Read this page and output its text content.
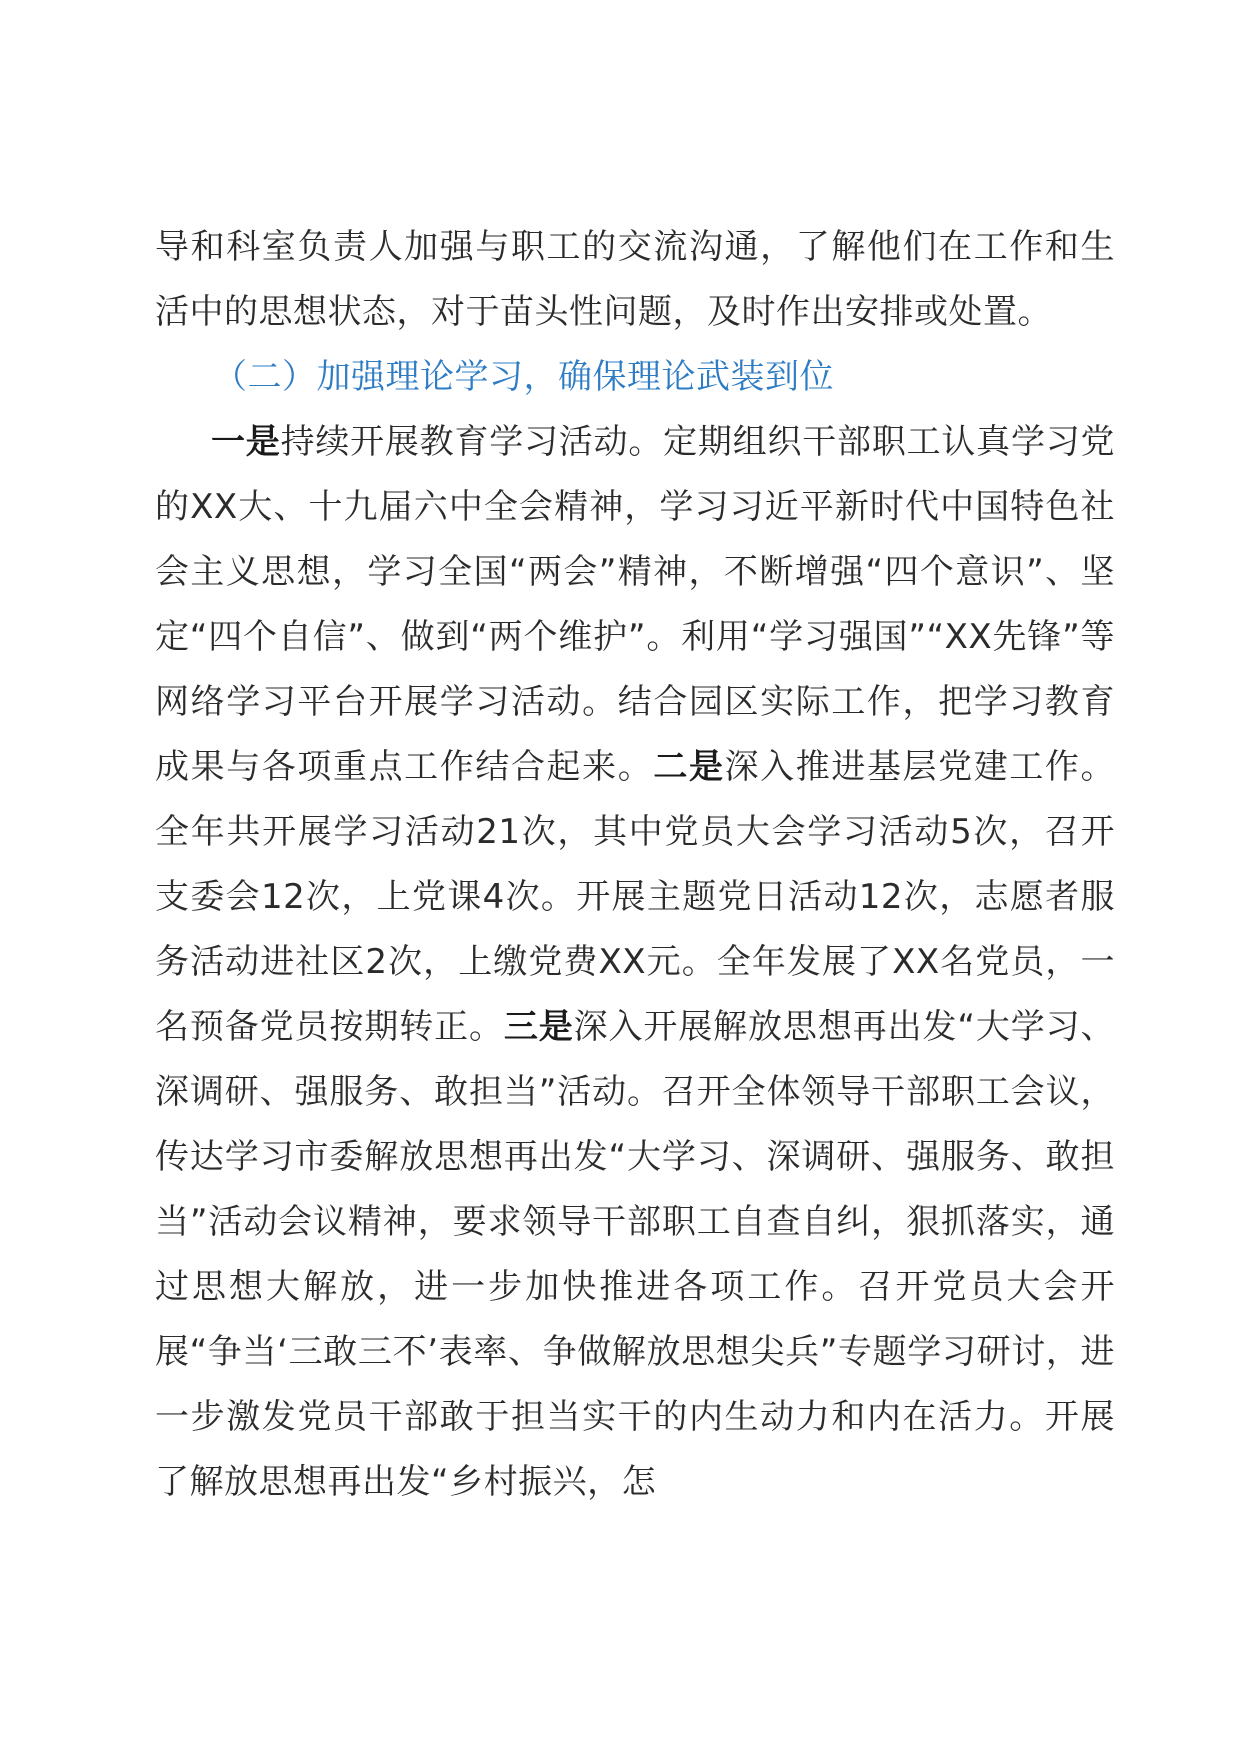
导和科室负责人加强与职工的交流沟通，了解他们在工作和生活中的思想状态，对于苗头性问题，及时作出安排或处置。

（二）加强理论学习，确保理论武装到位

一是持续开展教育学习活动。定期组织干部职工认真学习党的XX大、十九届六中全会精神，学习习近平新时代中国特色社会主义思想，学习全国“两会”精神，不断增强“四个意识”、坚定“四个自信”、做到“两个维护”。利用“学习强国”“XX先锋”等网络学习平台开展学习活动。结合园区实际工作，把学习教育成果与各项重点工作结合起来。二是深入推进基层党建工作。全年共开展学习活动21次，其中党员大会学习活动5次，召开支委会12次，上党课4次。开展主题党日活动12次，志愿者服务活动进社区2次，上缴党费XX元。全年发展了XX名党员，一名预备党员按期转正。三是深入开展解放思想再出发“大学习、深调研、强服务、敢担当”活动。召开全体领导干部职工会议，传达学习市委解放思想再出发“大学习、深调研、强服务、敢担当”活动会议精神，要求领导干部职工自查自纠，狠抓落实，通过思想大解放，进一步加快推进各项工作。召开党员大会开展“争当‘三敢三不’表率、争做解放思想尖兵”专题学习研讨，进一步激发党员干部敢于担当实干的内生动力和内在活力。开展了解放思想再出发“乡村振兴，怎
